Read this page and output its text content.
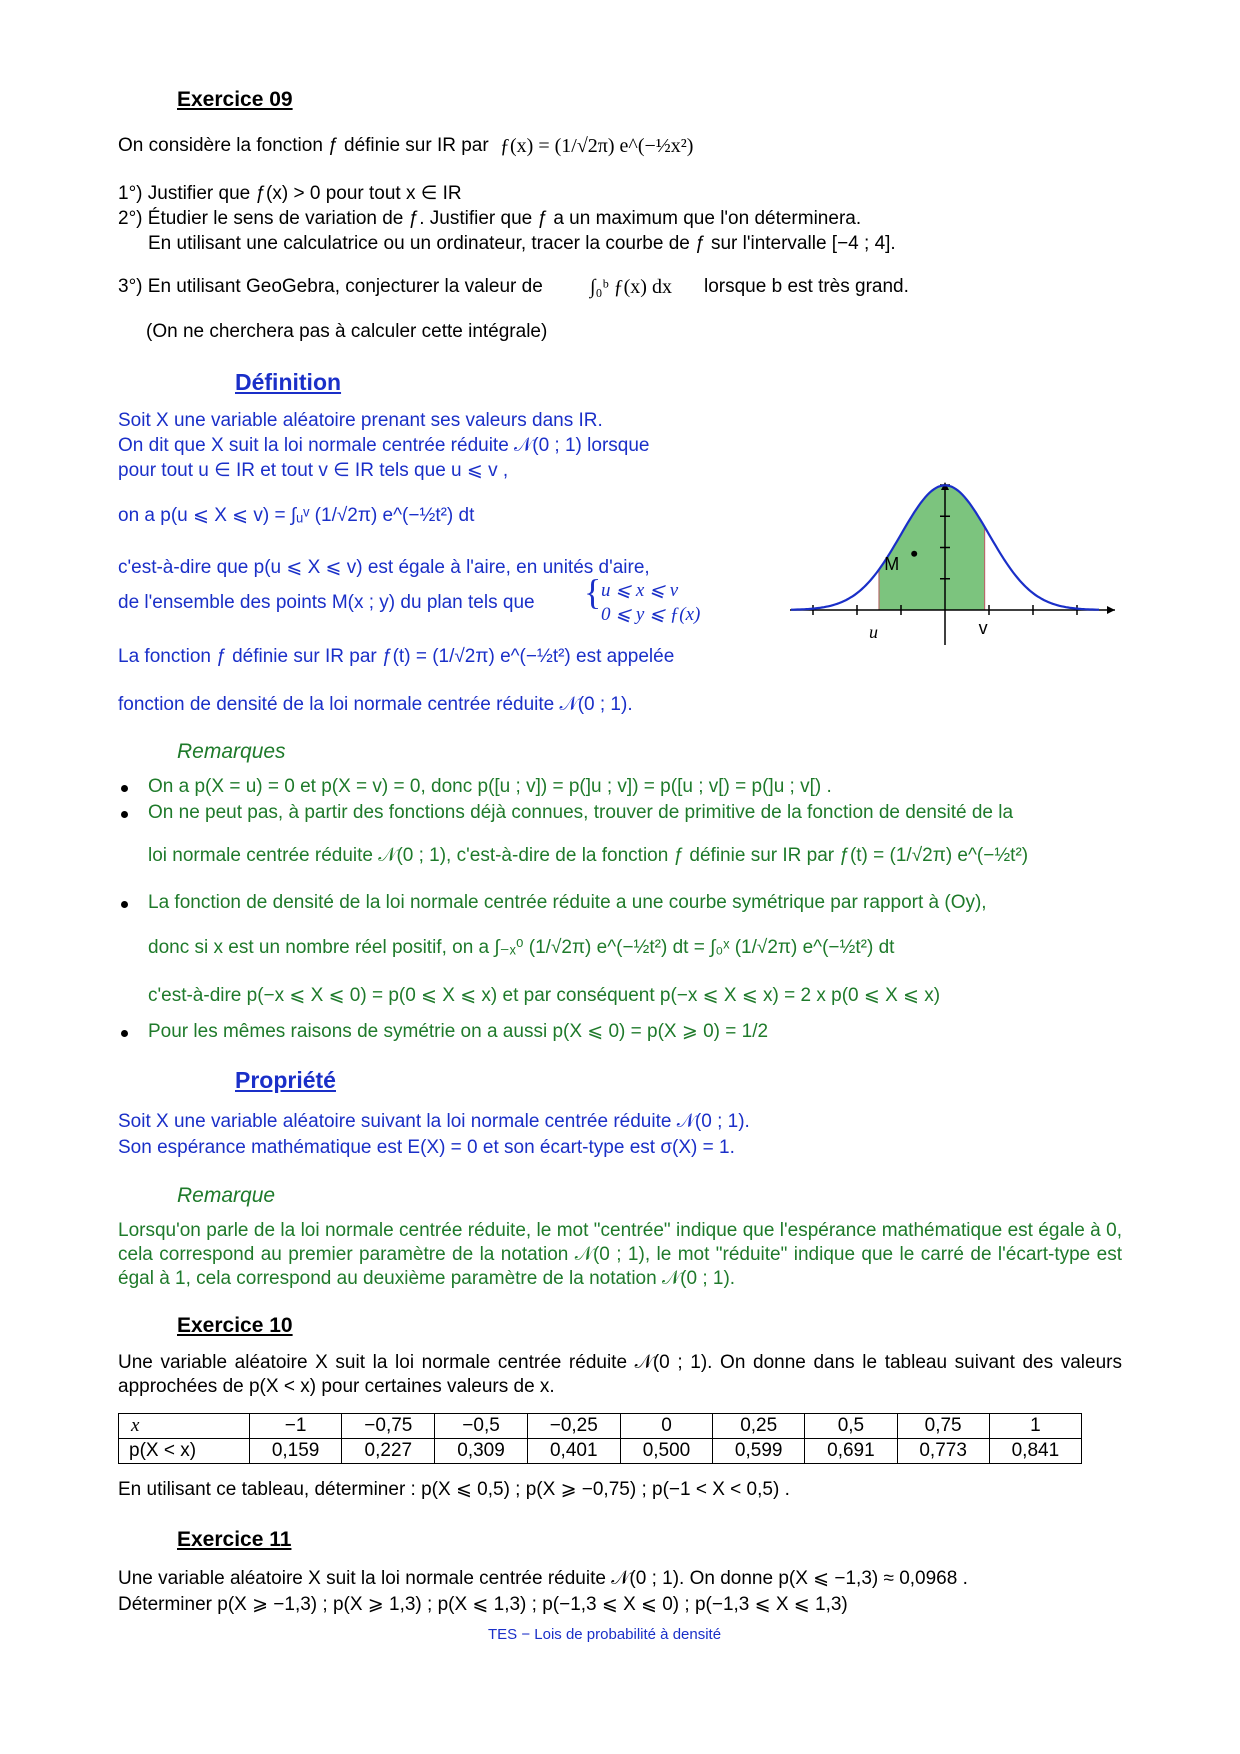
Exercice 09
On considère la fonction ƒ définie sur IR par ƒ(x) = (1/√2π) e^(−½x²)
1°) Justifier que ƒ(x) > 0 pour tout x ∈ IR
2°) Étudier le sens de variation de ƒ. Justifier que ƒ a un maximum que l'on déterminera.
En utilisant une calculatrice ou un ordinateur, tracer la courbe de ƒ sur l'intervalle [−4 ; 4].
3°) En utilisant GeoGebra, conjecturer la valeur de ∫₀ᵇ ƒ(x) dx lorsque b est très grand.
(On ne cherchera pas à calculer cette intégrale)
Définition
Soit X une variable aléatoire prenant ses valeurs dans IR.
On dit que X suit la loi normale centrée réduite 𝒩(0 ; 1) lorsque
pour tout u ∈ IR et tout v ∈ IR tels que u ⩽ v ,
on a p(u ⩽ X ⩽ v) = ∫ᵤᵛ (1/√2π) e^(−½t²) dt
c'est-à-dire que p(u ⩽ X ⩽ v) est égale à l'aire, en unités d'aire,
de l'ensemble des points M(x ; y) du plan tels que { u ⩽ x ⩽ v
0 ⩽ y ⩽ ƒ(x)
La fonction ƒ définie sur IR par ƒ(t) = (1/√2π) e^(−½t²) est appelée
fonction de densité de la loi normale centrée réduite 𝒩(0 ; 1).
M
u	v
Remarques
On a p(X = u) = 0 et p(X = v) = 0, donc p([u ; v]) = p(]u ; v]) = p([u ; v[) = p(]u ; v[) .
On ne peut pas, à partir des fonctions déjà connues, trouver de primitive de la fonction de densité de la
loi normale centrée réduite 𝒩(0 ; 1), c'est-à-dire de la fonction ƒ définie sur IR par ƒ(t) = (1/√2π) e^(−½t²)
La fonction de densité de la loi normale centrée réduite a une courbe symétrique par rapport à (Oy),
donc si x est un nombre réel positif, on a ∫₋ₓ⁰ (1/√2π) e^(−½t²) dt = ∫₀ˣ (1/√2π) e^(−½t²) dt
c'est-à-dire p(−x ⩽ X ⩽ 0) = p(0 ⩽ X ⩽ x) et par conséquent p(−x ⩽ X ⩽ x) = 2 x p(0 ⩽ X ⩽ x)
Pour les mêmes raisons de symétrie on a aussi p(X ⩽ 0) = p(X ⩾ 0) = 1/2
Propriété
Soit X une variable aléatoire suivant la loi normale centrée réduite 𝒩(0 ; 1).
Son espérance mathématique est E(X) = 0 et son écart-type est σ(X) = 1.
Remarque
Lorsqu'on parle de la loi normale centrée réduite, le mot "centrée" indique que l'espérance mathématique est égale à 0, cela correspond au premier paramètre de la notation 𝒩(0 ; 1), le mot "réduite" indique que le carré de l'écart-type est égal à 1, cela correspond au deuxième paramètre de la notation 𝒩(0 ; 1).
Exercice 10
Une variable aléatoire X suit la loi normale centrée réduite 𝒩(0 ; 1). On donne dans le tableau suivant des valeurs approchées de p(X < x) pour certaines valeurs de x.
x	−1	−0,75	−0,5	−0,25	0	0,25	0,5	0,75	1
p(X < x)	0,159	0,227	0,309	0,401	0,500	0,599	0,691	0,773	0,841
En utilisant ce tableau, déterminer : p(X ⩽ 0,5) ; p(X ⩾ −0,75) ; p(−1 < X < 0,5) .
Exercice 11
Une variable aléatoire X suit la loi normale centrée réduite 𝒩(0 ; 1). On donne p(X ⩽ −1,3) ≈ 0,0968 .
Déterminer p(X ⩾ −1,3) ; p(X ⩾ 1,3) ; p(X ⩽ 1,3) ; p(−1,3 ⩽ X ⩽ 0) ; p(−1,3 ⩽ X ⩽ 1,3)
TES − Lois de probabilité à densité
